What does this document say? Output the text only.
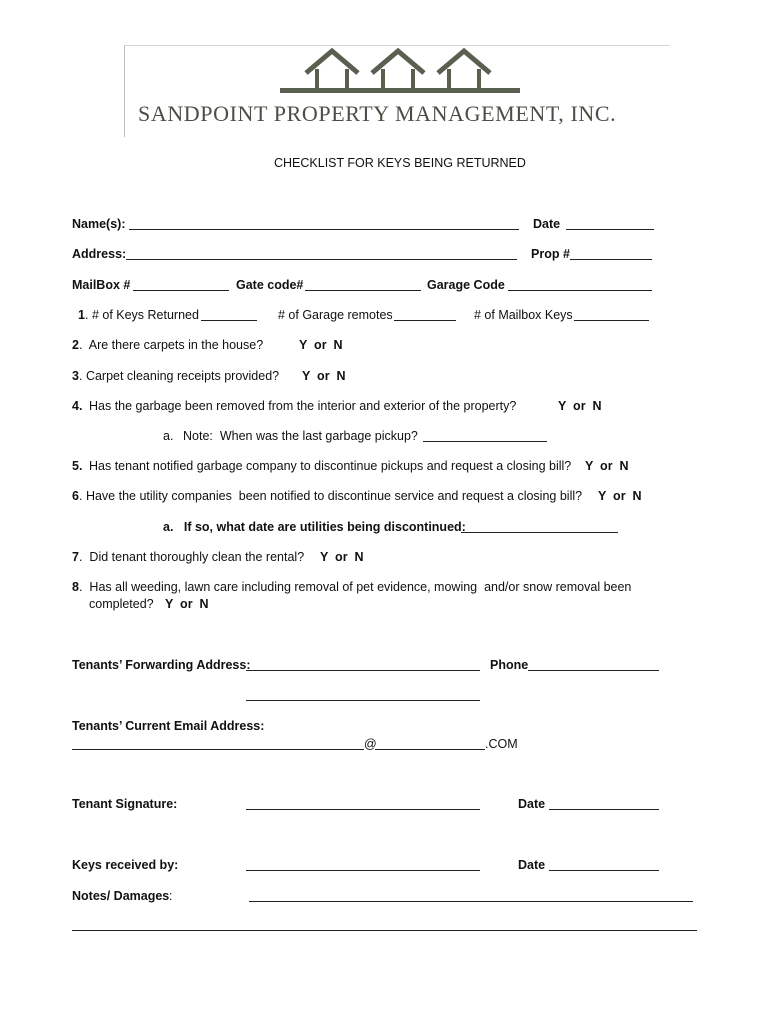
SANDPOINT PROPERTY MANAGEMENT, INC.
CHECKLIST FOR KEYS BEING RETURNED
Name(s):	Date
Address:	Prop #
MailBox #	Gate code#	Garage Code
1 . # of Keys Returned	# of Garage remotes	# of Mailbox Keys
2 .  Are there carpets in the house?	Y  or  N
3 . Carpet cleaning receipts provided? Y  or  N
4. Has the garbage been removed from the interior and exterior of the property?	Y  or  N
a. Note:  When was the last garbage pickup?
5. Has tenant notified garbage company to discontinue pickups and request a closing bill? Y  or  N
6 . Have the utility companies  been notified to discontinue service and request a closing bill? Y  or  N
a.   If so, what date are utilities being discontinued:
7 .  Did tenant thoroughly clean the rental? Y  or  N
8 .  Has all weeding, lawn care including removal of pet evidence, mowing  and/or snow removal been
completed? Y  or  N
Tenants’ Forwarding Address:	Phone
Tenants’ Current Email Address:
@	.COM
Tenant Signature:	Date
Keys received by:	Date
Notes/ Damages :
